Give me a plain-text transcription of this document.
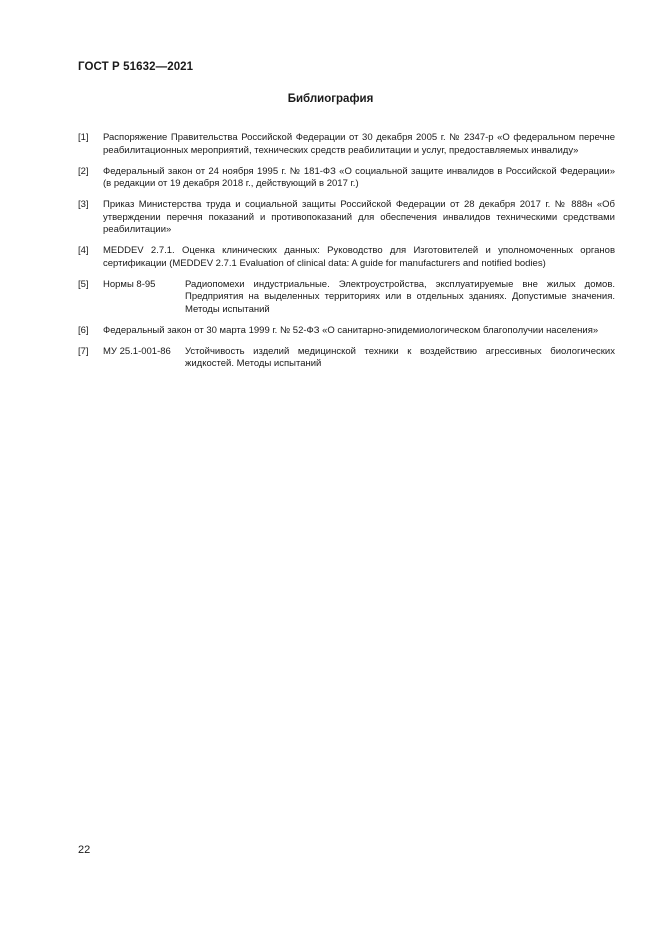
ГОСТ Р 51632—2021
Библиография
[1]	Распоряжение Правительства Российской Федерации от 30 декабря 2005 г. № 2347-р «О федеральном перечне реабилитационных мероприятий, технических средств реабилитации и услуг, предоставляемых инвалиду»
[2]	Федеральный закон от 24 ноября 1995 г. № 181-ФЗ «О социальной защите инвалидов в Российской Федерации» (в редакции от 19 декабря 2018 г., действующий в 2017 г.)
[3]	Приказ Министерства труда и социальной защиты Российской Федерации от 28 декабря 2017 г. № 888н «Об утверждении перечня показаний и противопоказаний для обеспечения инвалидов техническими средствами реабилитации»
[4]	MEDDEV 2.7.1. Оценка клинических данных: Руководство для Изготовителей и уполномоченных органов сертификации (MEDDEV 2.7.1 Evaluation of clinical data: A guide for manufacturers and notified bodies)
[5]	Нормы 8-95	Радиопомехи индустриальные. Электроустройства, эксплуатируемые вне жилых домов. Предприятия на выделенных территориях или в отдельных зданиях. Допустимые значения. Методы испытаний
[6]	Федеральный закон от 30 марта 1999 г. № 52-ФЗ «О санитарно-эпидемиологическом благополучии населения»
[7]	МУ 25.1-001-86	Устойчивость изделий медицинской техники к воздействию агрессивных биологических жидкостей. Методы испытаний
22
